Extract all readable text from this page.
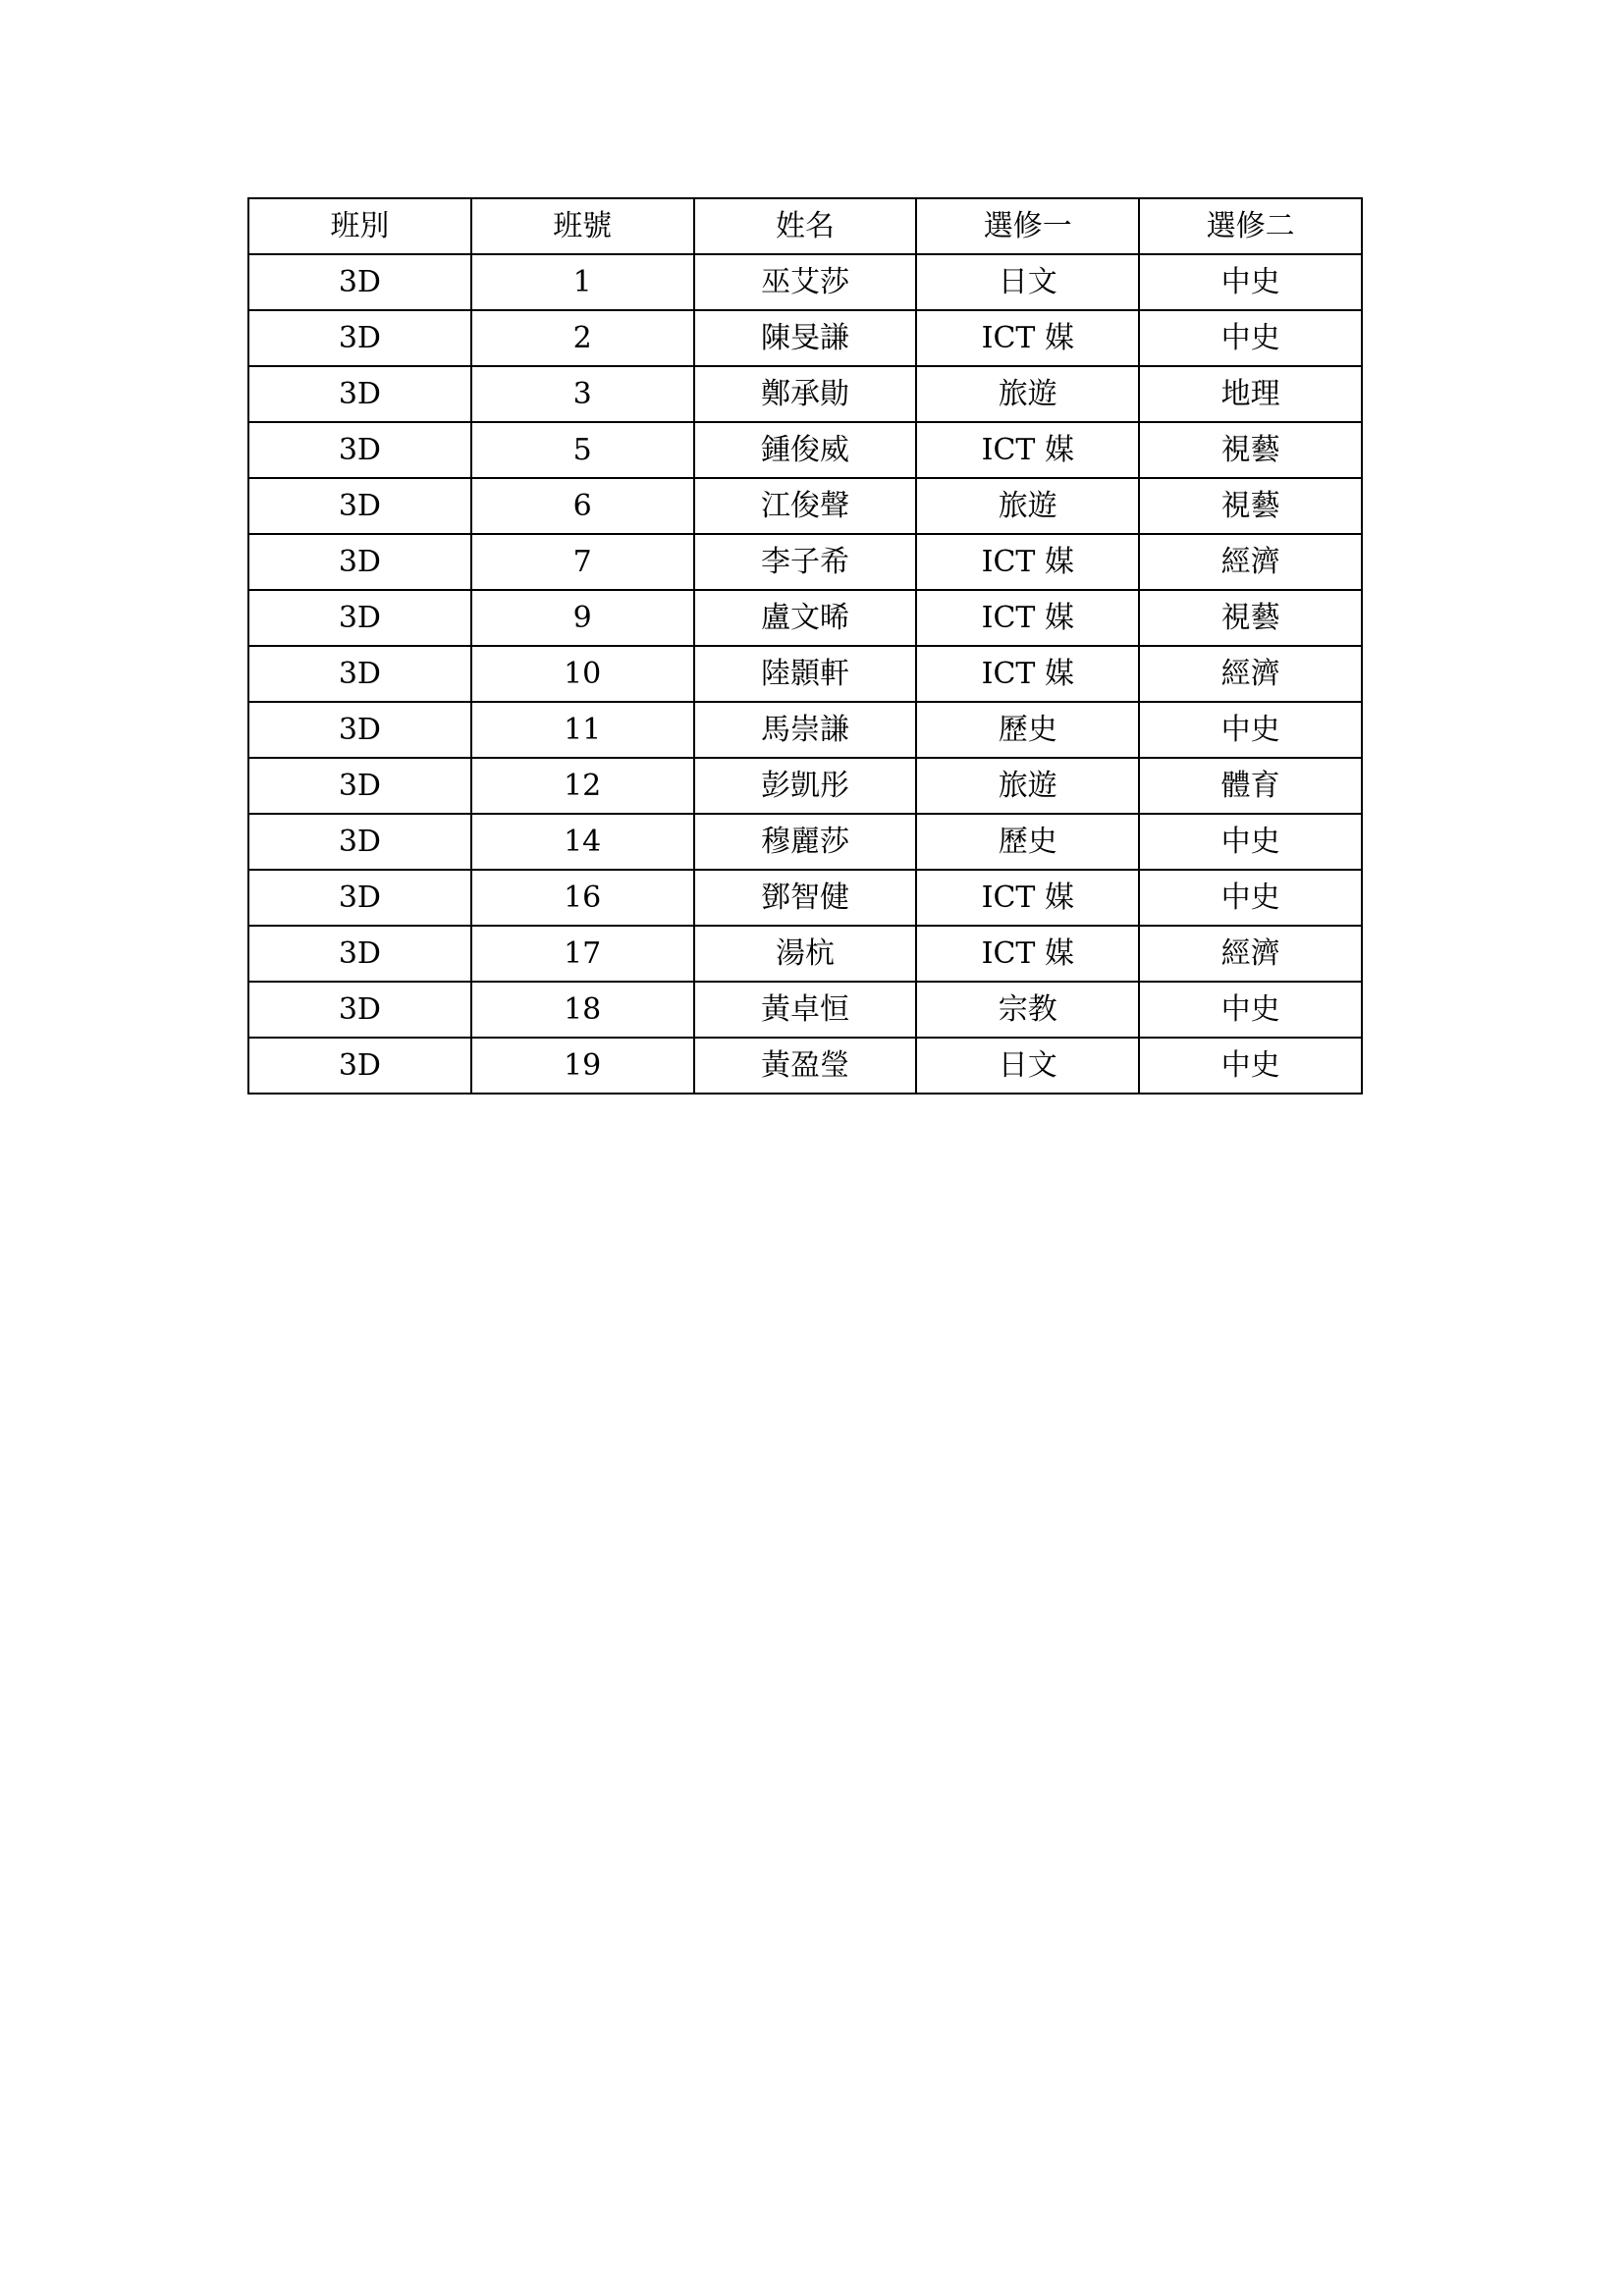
班別	班號	姓名	選修一	選修二
3D	1	巫艾莎	日文	中史
3D	2	陳旻謙	ICT 媒	中史
3D	3	鄭承勛	旅遊	地理
3D	5	鍾俊威	ICT 媒	視藝
3D	6	江俊聲	旅遊	視藝
3D	7	李子希	ICT 媒	經濟
3D	9	盧文晞	ICT 媒	視藝
3D	10	陸顥軒	ICT 媒	經濟
3D	11	馬崇謙	歷史	中史
3D	12	彭凱彤	旅遊	體育
3D	14	穆麗莎	歷史	中史
3D	16	鄧智健	ICT 媒	中史
3D	17	湯杭	ICT 媒	經濟
3D	18	黃卓恒	宗教	中史
3D	19	黃盈瑩	日文	中史
